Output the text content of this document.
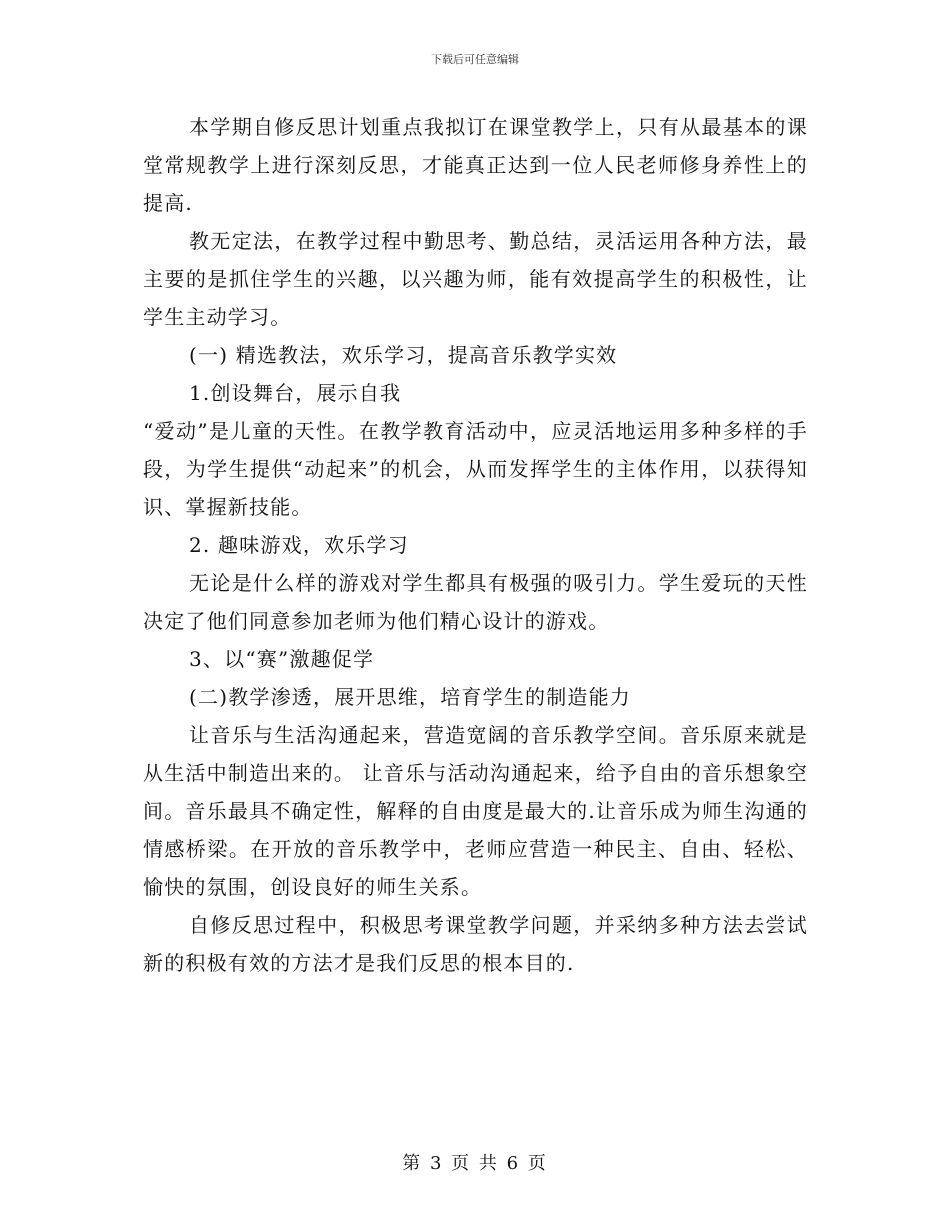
下载后可任意编辑

本学期自修反思计划重点我拟订在课堂教学上，只有从最基本的课堂常规教学上进行深刻反思，才能真正达到一位人民老师修身养性上的提高.

教无定法，在教学过程中勤思考、勤总结，灵活运用各种方法，最主要的是抓住学生的兴趣，以兴趣为师，能有效提高学生的积极性，让学生主动学习。

(一) 精选教法，欢乐学习，提高音乐教学实效

1.创设舞台，展示自我

“爱动”是儿童的天性。在教学教育活动中，应灵活地运用多种多样的手段，为学生提供“动起来”的机会，从而发挥学生的主体作用，以获得知识、掌握新技能。

2. 趣味游戏，欢乐学习

无论是什么样的游戏对学生都具有极强的吸引力。学生爱玩的天性决定了他们同意参加老师为他们精心设计的游戏。

3、以“赛”激趣促学

(二)教学渗透，展开思维，培育学生的制造能力

让音乐与生活沟通起来，营造宽阔的音乐教学空间。音乐原来就是从生活中制造出来的。 让音乐与活动沟通起来，给予自由的音乐想象空间。音乐最具不确定性，解释的自由度是最大的.让音乐成为师生沟通的情感桥梁。在开放的音乐教学中，老师应营造一种民主、自由、轻松、愉快的氛围，创设良好的师生关系。

自修反思过程中，积极思考课堂教学问题，并采纳多种方法去尝试新的积极有效的方法才是我们反思的根本目的.

第 3 页 共 6 页
